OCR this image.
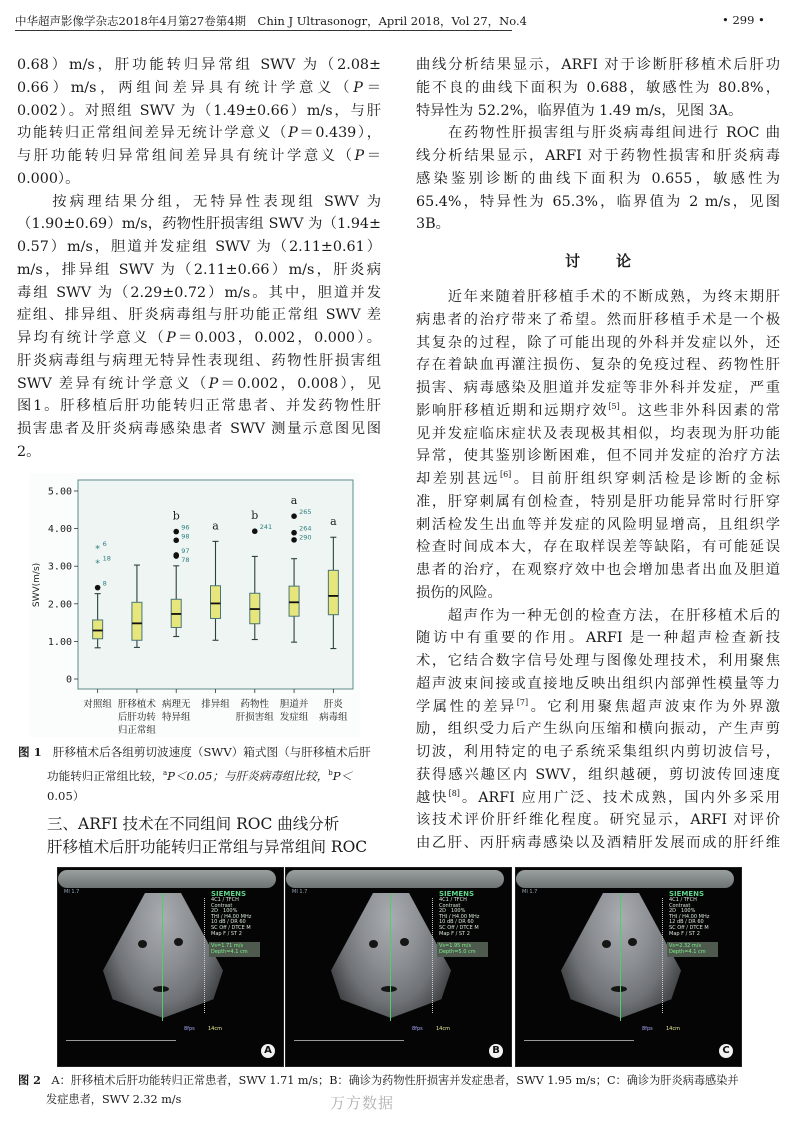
中华超声影像学杂志2018年4月第27卷第4期　Chin J Ultrasonogr，April 2018，Vol 27，No.4	• 299 •
0.68）m/s，肝功能转归异常组 SWV 为（2.08±
0.66）m/s，两组间差异具有统计学意义（P＝
0.002）。对照组 SWV 为（1.49±0.66）m/s，与肝
功能转归正常组间差异无统计学意义（P＝0.439），
与肝功能转归异常组间差异具有统计学意义（P＝
0.000）。
　　按病理结果分组，无特异性表现组 SWV 为
（1.90±0.69）m/s，药物性肝损害组 SWV 为（1.94±
0.57）m/s，胆道并发症组 SWV 为（2.11±0.61）
m/s，排异组 SWV 为（2.11±0.66）m/s，肝炎病
毒组 SWV 为（2.29±0.72）m/s。其中，胆道并发
症组、排异组、肝炎病毒组与肝功能正常组 SWV 差
异均有统计学意义（P＝0.003，0.002，0.000）。
肝炎病毒组与病理无特异性表现组、药物性肝损害组
SWV 差异有统计学意义（P＝0.002，0.008），见
图1。肝移植后肝功能转归正常患者、并发药物性肝
损害患者及肝炎病毒感染患者 SWV 测量示意图见图
2。
0
1.00
2.00
3.00
4.00
5.00
SWV(m/s)	*
*
6
18
8
对照组 肝移植术
后肝功转
归正常组
96
98
97
78
b
病理无
特异组
a
排异组
241
b
药物性
肝损害组
265
264
290
a
胆道并
发症组
a
肝炎
病毒组
图 1 肝移植术后各组剪切波速度（SWV）箱式图（与肝移植术后肝
功能转归正常组比较，$^a$P＜0.05；与肝炎病毒组比较，$^b$P＜
0.05）
三、ARFI 技术在不同组间 ROC 曲线分析
肝移植术后肝功能转归正常组与异常组间 ROC
曲线分析结果显示，ARFI 对于诊断肝移植术后肝功
能不良的曲线下面积为 0.688，敏感性为 80.8%，
特异性为 52.2%，临界值为 1.49 m/s，见图 3A。
　　在药物性肝损害组与肝炎病毒组间进行 ROC 曲
线分析结果显示，ARFI 对于药物性损害和肝炎病毒
感染鉴别诊断的曲线下面积为 0.655，敏感性为
65.4%，特异性为 65.3%，临界值为 2 m/s，见图
3B。
讨　　论
　　近年来随着肝移植手术的不断成熟，为终末期肝
病患者的治疗带来了希望。然而肝移植手术是一个极
其复杂的过程，除了可能出现的外科并发症以外，还
存在着缺血再灌注损伤、复杂的免疫过程、药物性肝
损害、病毒感染及胆道并发症等非外科并发症，严重
影响肝移植近期和远期疗效[5]。这些非外科因素的常
见并发症临床症状及表现极其相似，均表现为肝功能
异常，使其鉴别诊断困难，但不同并发症的治疗方法
却差别甚远[6]。目前肝组织穿刺活检是诊断的金标
准，肝穿刺属有创检查，特别是肝功能异常时行肝穿
刺活检发生出血等并发症的风险明显增高，且组织学
检查时间成本大，存在取样误差等缺陷，有可能延误
患者的治疗，在观察疗效中也会增加患者出血及胆道
损伤的风险。
　　超声作为一种无创的检查方法，在肝移植术后的
随访中有重要的作用。ARFI 是一种超声检查新技
术，它结合数字信号处理与图像处理技术，利用聚焦
超声波束间接或直接地反映出组织内部弹性模量等力
学属性的差异[7]。它利用聚焦超声波束作为外界激
励，组织受力后产生纵向压缩和横向振动，产生声剪
切波，利用特定的电子系统采集组织内剪切波信号，
获得感兴趣区内 SWV，组织越硬，剪切波传回速度
越快[8]。ARFI 应用广泛、技术成熟，国内外多采用
该技术评价肝纤维化程度。研究显示，ARFI 对评价
由乙肝、丙肝病毒感染以及酒精肝发展而成的肝纤维
MI 1.7	SIEMENS
4C1 / TFCH
Contrast
2D　100%
THI / H4.00 MHz
10 dB / DR 60
SC Off / DTCE M
Map F / ST 2
Vs=1.71 m/s
Depth=4.1 cm
8fps	14cm
A
MI 1.7	SIEMENS
4C1 / TFCH
Contrast
2D　100%
THI / H4.00 MHz
10 dB / DR 60
SC Off / DTCE M
Map F / ST 2
Vs=1.95 m/s
Depth=5.0 cm
8fps	14cm
B
MI 1.7	SIEMENS
4C1 / TFCH
Contrast
2D　100%
THI / H4.00 MHz
12 dB / DR 60
SC Off / DTCE M
Map F / ST 2
Vs=2.32 m/s
Depth=4.1 cm
8fps	14cm
C
图 2 A：肝移植术后肝功能转归正常患者，SWV 1.71 m/s；B：确诊为药物性肝损害并发症患者，SWV 1.95 m/s；C：确诊为肝炎病毒感染并
发症患者，SWV 2.32 m/s	万方数据
